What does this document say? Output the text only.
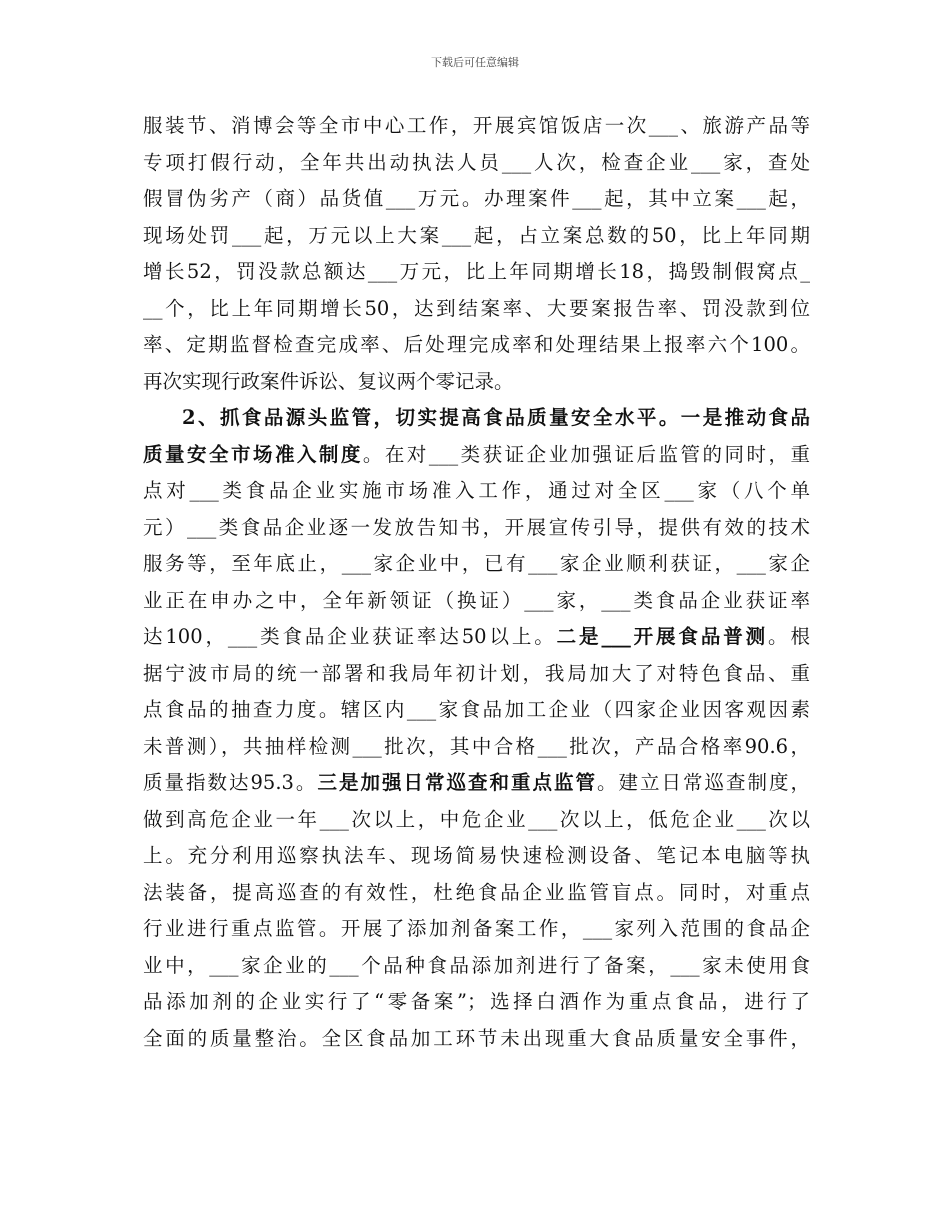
下载后可任意编辑
服装节、消博会等全市中心工作，开展宾馆饭店一次___、旅游产品等
专项打假行动，全年共出动执法人员___人次，检查企业___家，查处
假冒伪劣产（商）品货值___万元。办理案件___起，其中立案___起，
现场处罚___起，万元以上大案___起，占立案总数的50，比上年同期
增长52，罚没款总额达___万元，比上年同期增长18，捣毁制假窝点_
__个，比上年同期增长50，达到结案率、大要案报告率、罚没款到位
率、定期监督检查完成率、后处理完成率和处理结果上报率六个100。
再次实现行政案件诉讼、复议两个零记录。
2、抓食品源头监管，切实提高食品质量安全水平。一是推动食品
质量安全市场准入制度。在对___类获证企业加强证后监管的同时，重
点对___类食品企业实施市场准入工作，通过对全区___家（八个单
元）___类食品企业逐一发放告知书，开展宣传引导，提供有效的技术
服务等，至年底止，___家企业中，已有___家企业顺利获证，___家企
业正在申办之中，全年新领证（换证）___家，___类食品企业获证率
达100，___类食品企业获证率达50以上。二是___开展食品普测。根
据宁波市局的统一部署和我局年初计划，我局加大了对特色食品、重
点食品的抽查力度。辖区内___家食品加工企业（四家企业因客观因素
未普测），共抽样检测___批次，其中合格___批次，产品合格率90.6，
质量指数达95.3。三是加强日常巡查和重点监管。建立日常巡查制度，
做到高危企业一年___次以上，中危企业___次以上，低危企业___次以
上。充分利用巡察执法车、现场简易快速检测设备、笔记本电脑等执
法装备，提高巡查的有效性，杜绝食品企业监管盲点。同时，对重点
行业进行重点监管。开展了添加剂备案工作，___家列入范围的食品企
业中，___家企业的___个品种食品添加剂进行了备案，___家未使用食
品添加剂的企业实行了“零备案”；选择白酒作为重点食品，进行了
全面的质量整治。全区食品加工环节未出现重大食品质量安全事件，
